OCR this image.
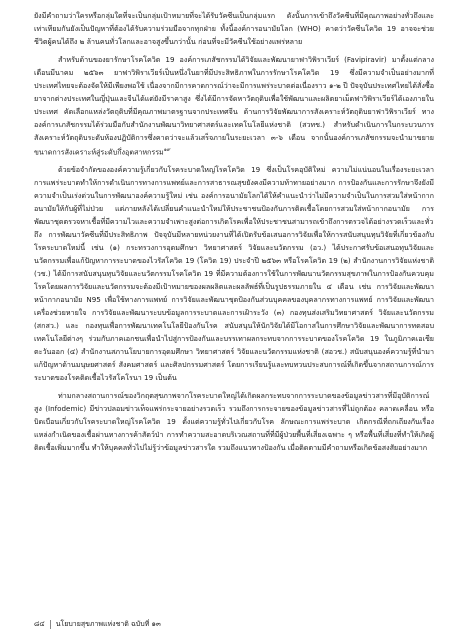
ยังมีคำถามว่าใครหรือกลุ่มใดที่จะเป็นกลุ่มเป้าหมายที่จะได้รับวัคซีนเป็นกลุ่มแรก ดังนั้นการเข้าถึงวัคซีนที่มีคุณภาพอย่างทั่วถึงและเท่าเทียมกันยังเป็นปัญหาที่ต้องได้รับความร่วมมือจากทุกฝ่าย ทั้งนี้องค์การอนามัยโลก (WHO) คาดว่าวัคซีนโควิด 19 อาจจะช่วยชีวิตผู้คนได้ถึง ๒ ล้านคนทั่วโลกและอาจสูงขึ้นกว่านั้น ก่อนที่จะมีวัคซีนใช้อย่างแพร่หลาย

สำหรับด้านของยารักษาโรคโควิด 19 องค์การเภสัชกรรมได้วิจัยและพัฒนายาฟาวิพิราเวียร์ (Favipiravir) มาตั้งแต่กลางเดือนมีนาคม ๒๕๖๓ ยาฟาวิพิราเวียร์เป็นหนึ่งในยาที่มีประสิทธิภาพในการรักษาโรคโควิด 19 ซึ่งมีความจำเป็นอย่างมากที่ประเทศไทยจะต้องจัดให้มีเพียงพอใช้ เนื่องจากมีการคาดการณ์ว่าจะมีการแพร่ระบาดต่อเนื่องราว ๑-๒ ปี ปัจจุบันประเทศไทยได้สั่งซื้อยาจากต่างประเทศในญี่ปุ่นและจีนได้แต่ยังมีราคาสูง ซึ่งได้มีการจัดหาวัตถุดิบเพื่อใช้พัฒนาและผลิตยาเม็ดฟาวิพิราเวียร์ได้เองภายในประเทศ คัดเลือกแหล่งวัตถุดิบที่มีคุณภาพมาตรฐานจากประเทศจีน ด้านการวิจัยพัฒนาการสังเคราะห์วัตถุดิบยาฟาวิพิราเวียร์ ทางองค์การเภสัชกรรมได้ร่วมมือกับสำนักงานพัฒนาวิทยาศาสตร์และเทคโนโลยีแห่งชาติ (สวทช.) สำหรับดำเนินการในกระบวนการสังเคราะห์วัตถุดิบระดับห้องปฏิบัติการซึ่งคาดว่าจะแล้วเสร็จภายในระยะเวลา ๓-๖ เดือน จากนั้นองค์การเภสัชกรรมจะนำมาขยายขนาดการสังเคราะห์สู่ระดับกึ่งอุตสาหกรรม$^{๑๙}$

ด้วยข้อจำกัดขององค์ความรู้เกี่ยวกับโรคระบาดใหญ่โรคโควิด 19 ซึ่งเป็นโรคอุบัติใหม่ ความไม่แน่นอนในเรื่องระยะเวลาการแพร่ระบาดทำให้การดำเนินการทางการแพทย์และการสาธารณสุขยังคงมีความท้าทายอย่างมาก การป้องกันและการรักษาจึงยังมีความจำเป็นเร่งด่วนในการพัฒนาองค์ความรู้ใหม่ เช่น องค์การอนามัยโลกได้ให้คำแนะนำว่าไม่มีความจำเป็นในการสวมใส่หน้ากากอนามัยให้กับผู้ที่ไม่ป่วย แต่ภายหลังได้เปลี่ยนคำแนะนำใหม่ให้ประชาชนป้องกันการติดเชื้อโดยการสวมใส่หน้ากากอนามัย การพัฒนาชุดตรวจหาเชื้อที่มีความไวและความจำเพาะสูงต่อการเกิดโรคเพื่อให้ประชาชนสามารถเข้าถึงการตรวจได้อย่างรวดเร็วและทั่วถึง การพัฒนาวัคซีนที่มีประสิทธิภาพ ปัจจุบันมีหลายหน่วยงานที่ได้เปิดรับข้อเสนอการวิจัยเพื่อให้การสนับสนุนทุนวิจัยที่เกี่ยวข้องกับโรคระบาดใหม่นี้ เช่น (๑) กระทรวงการอุดมศึกษา วิทยาศาสตร์ วิจัยและนวัตกรรม (อว.) ได้ประกาศรับข้อเสนอทุนวิจัยและนวัตกรรมเพื่อแก้ปัญหาการระบาดของไวรัสโควิด 19 (โควิด 19) ประจำปี ๒๕๖๓ หรือโรคโควิด 19 (๒) สำนักงานการวิจัยแห่งชาติ (วช.) ได้มีการสนับสนุนทุนวิจัยและนวัตกรรมโรคโควิด 19 ที่มีความต้องการใช้ในการพัฒนานวัตกรรมสุขภาพในการป้องกันควบคุมโรคโดยผลการวิจัยและนวัตกรรมจะต้องมีเป้าหมายของผลผลิตและผลลัพธ์ที่เป็นรูปธรรมภายใน ๔ เดือน เช่น การวิจัยและพัฒนาหน้ากากอนามัย N95 เพื่อใช้ทางการแพทย์ การวิจัยและพัฒนาชุดป้องกันส่วนบุคคลของบุคลากรทางการแพทย์ การวิจัยและพัฒนาเครื่องช่วยหายใจ การวิจัยและพัฒนาระบบข้อมูลการระบาดและการเฝ้าระวัง (๓) กองทุนส่งเสริมวิทยาศาสตร์ วิจัยและนวัตกรรม (สกสว.) และ กองทุนเพื่อการพัฒนาเทคโนโลยีป้องกันโรค สนับสนุนให้นักวิจัยได้มีโอกาสในการศึกษาวิจัยและพัฒนาการทดสอบเทคโนโลยีต่างๆ ร่วมกับภาคเอกชนเพื่อนำไปสู่การป้องกันและบรรเทาผลกระทบจากการระบาดของโรคโควิด 19 ในภูมิภาคเอเชียตะวันออก (๔) สำนักงานสภานโยบายการอุดมศึกษา วิทยาศาสตร์ วิจัยและนวัตกรรมแห่งชาติ (สอวช.) สนับสนุนองค์ความรู้ที่นำมาแก้ปัญหาด้านมนุษยศาสตร์ สังคมศาสตร์ และศิลปกรรมศาสตร์ โดยการเรียนรู้และทบทวนประสบการณ์ที่เกิดขึ้นจากสถานการณ์การระบาดของโรคติดเชื้อไวรัสโคโรนา 19 เป็นต้น

ท่ามกลางสถานการณ์ของวิกฤตสุขภาพจากโรคระบาดใหญ่ได้เกิดผลกระทบจากการระบาดของข้อมูลข่าวสารที่มีอุบัติการณ์สูง (Infodemic) มีข่าวปลอมข่าวเท็จแพร่กระจายอย่างรวดเร็ว รวมถึงการกระจายของข้อมูลข่าวสารที่ไม่ถูกต้อง คลาดเคลื่อน หรือบิดเบือนเกี่ยวกับโรคระบาดใหญ่โรคโควิด 19 ตั้งแต่ความรู้ทั่วไปเกี่ยวกับโรค ลักษณะการแพร่ระบาด เกิดกรณีที่ถกเถียงกันเรื่องแหล่งกำเนิดของเชื้อผ่านทางการค้าสัตว์ป่า การทำความสะอาดบริเวณสถานที่ที่มีผู้ป่วยพื้นที่เสี่ยงเฉพาะ ๆ หรือพื้นที่เสี่ยงที่ทำให้เกิดผู้ติดเชื้อเพิ่มมากขึ้น ทำให้บุคคลทั่วไปไม่รู้ว่าข้อมูลข่าวสารใด รวมถึงแนวทางป้องกัน เมื่อติดตามมีคำถามหรือเกิดข้อสงสัยอย่างมาก

๘๔ นโยบายสุขภาพแห่งชาติ ฉบับที่ ๑๓
